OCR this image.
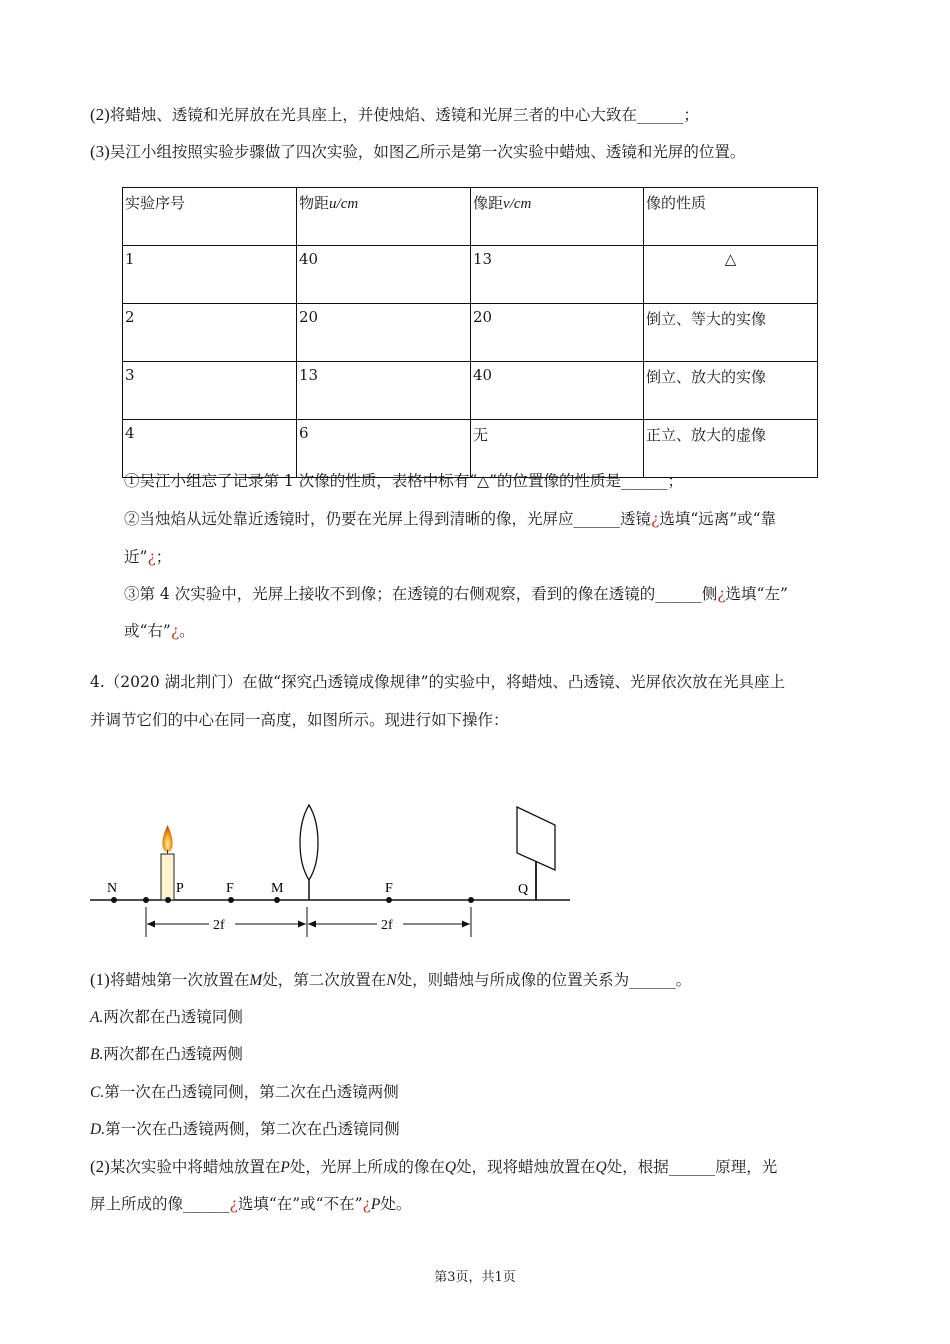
(2)将蜡烛、透镜和光屏放在光具座上，并使烛焰、透镜和光屏三者的中心大致在______；
(3)吴江小组按照实验步骤做了四次实验，如图乙所示是第一次实验中蜡烛、透镜和光屏的位置。
实验序号	物距u/cm	像距v/cm	像的性质
1	40	13	△
2	20	20	倒立、等大的实像
3	13	40	倒立、放大的实像
4	6	无	正立、放大的虚像
①吴江小组忘了记录第 1 次像的性质，表格中标有“△”的位置像的性质是______；
②当烛焰从远处靠近透镜时，仍要在光屏上得到清晰的像，光屏应______透镜¿选填“远离”或“靠
近”¿；
③第 4 次实验中，光屏上接收不到像；在透镜的右侧观察，看到的像在透镜的______侧¿选填“左”
或“右”¿。
4.（2020 湖北荆门）在做“探究凸透镜成像规律”的实验中，将蜡烛、凸透镜、光屏依次放在光具座上
并调节它们的中心在同一高度，如图所示。现进行如下操作：
N	P	F	M	F	Q
2f	2f
(1)将蜡烛第一次放置在M处，第二次放置在N处，则蜡烛与所成像的位置关系为______。
A.两次都在凸透镜同侧
B.两次都在凸透镜两侧
C.第一次在凸透镜同侧，第二次在凸透镜两侧
D.第一次在凸透镜两侧，第二次在凸透镜同侧
(2)某次实验中将蜡烛放置在P处，光屏上所成的像在Q处，现将蜡烛放置在Q处，根据______原理，光
屏上所成的像______¿选填“在”或“不在”¿P处。
第3页，共1页
